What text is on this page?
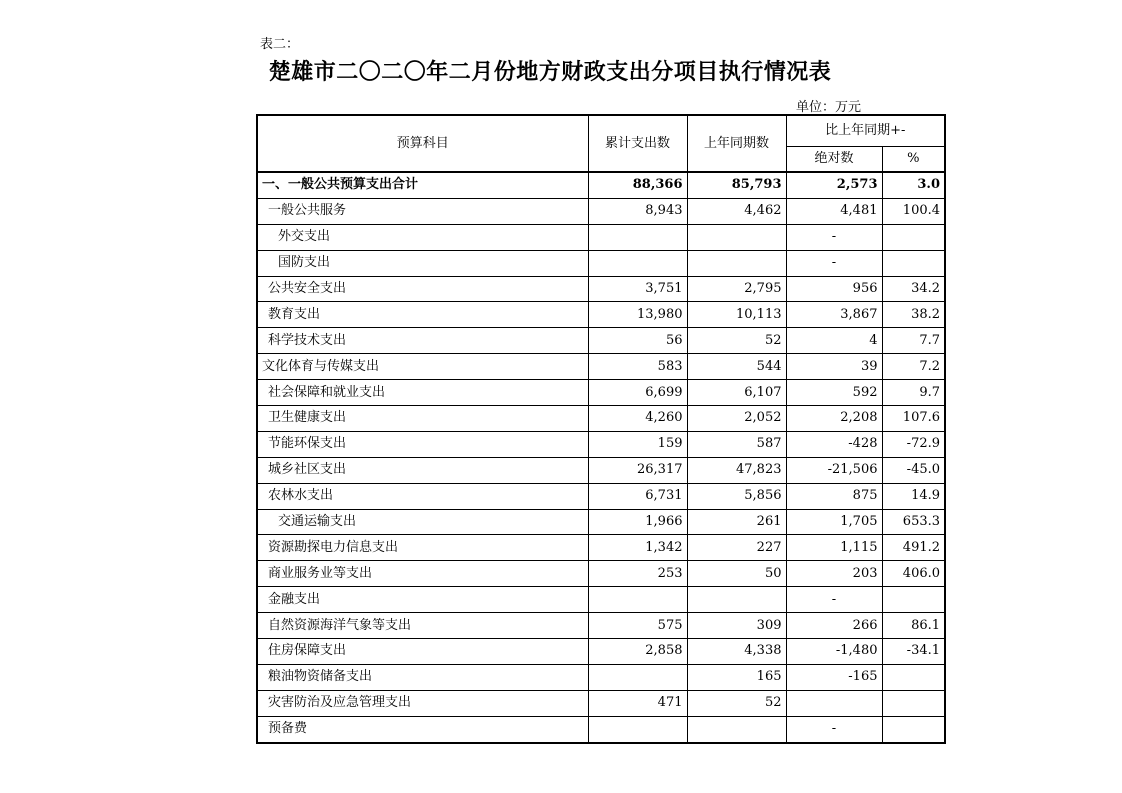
表二：
楚雄市二〇二〇年二月份地方财政支出分项目执行情况表
单位：万元
预算科目	累计支出数	上年同期数	比上年同期+-	
			绝对数	%
一、一般公共预算支出合计	88,366	85,793	2,573	3.0
一般公共服务	8,943	4,462	4,481	100.4
外交支出			-	
国防支出			-	
公共安全支出	3,751	2,795	956	34.2
教育支出	13,980	10,113	3,867	38.2
科学技术支出	56	52	4	7.7
文化体育与传媒支出	583	544	39	7.2
社会保障和就业支出	6,699	6,107	592	9.7
卫生健康支出	4,260	2,052	2,208	107.6
节能环保支出	159	587	-428	-72.9
城乡社区支出	26,317	47,823	-21,506	-45.0
农林水支出	6,731	5,856	875	14.9
交通运输支出	1,966	261	1,705	653.3
资源勘探电力信息支出	1,342	227	1,115	491.2
商业服务业等支出	253	50	203	406.0
金融支出			-	
自然资源海洋气象等支出	575	309	266	86.1
住房保障支出	2,858	4,338	-1,480	-34.1
粮油物资储备支出		165	-165	
灾害防治及应急管理支出	471	52		
预备费			-	
